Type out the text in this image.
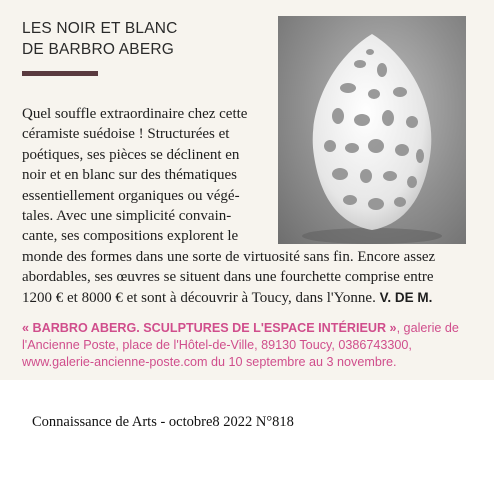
LES NOIR ET BLANC
DE BARBRO ABERG

Quel souffle extraordinaire chez cette
céramiste suédoise ! Structurées et
poétiques, ses pièces se déclinent en
noir et en blanc sur des thématiques
essentiellement organiques ou végé-
tales. Avec une simplicité convain-
cante, ses compositions explorent le
monde des formes dans une sorte de virtuosité sans fin. Encore assez
abordables, ses œuvres se situent dans une fourchette comprise entre
1200 € et 8000 € et sont à découvrir à Toucy, dans l'Yonne. V. DE M.

« BARBRO ABERG. SCULPTURES DE L'ESPACE INTÉRIEUR », galerie de
l'Ancienne Poste, place de l'Hôtel-de-Ville, 89130 Toucy, 0386743300,
www.galerie-ancienne-poste.com du 10 septembre au 3 novembre.

Connaissance de Arts - octobre8 2022 N°818
